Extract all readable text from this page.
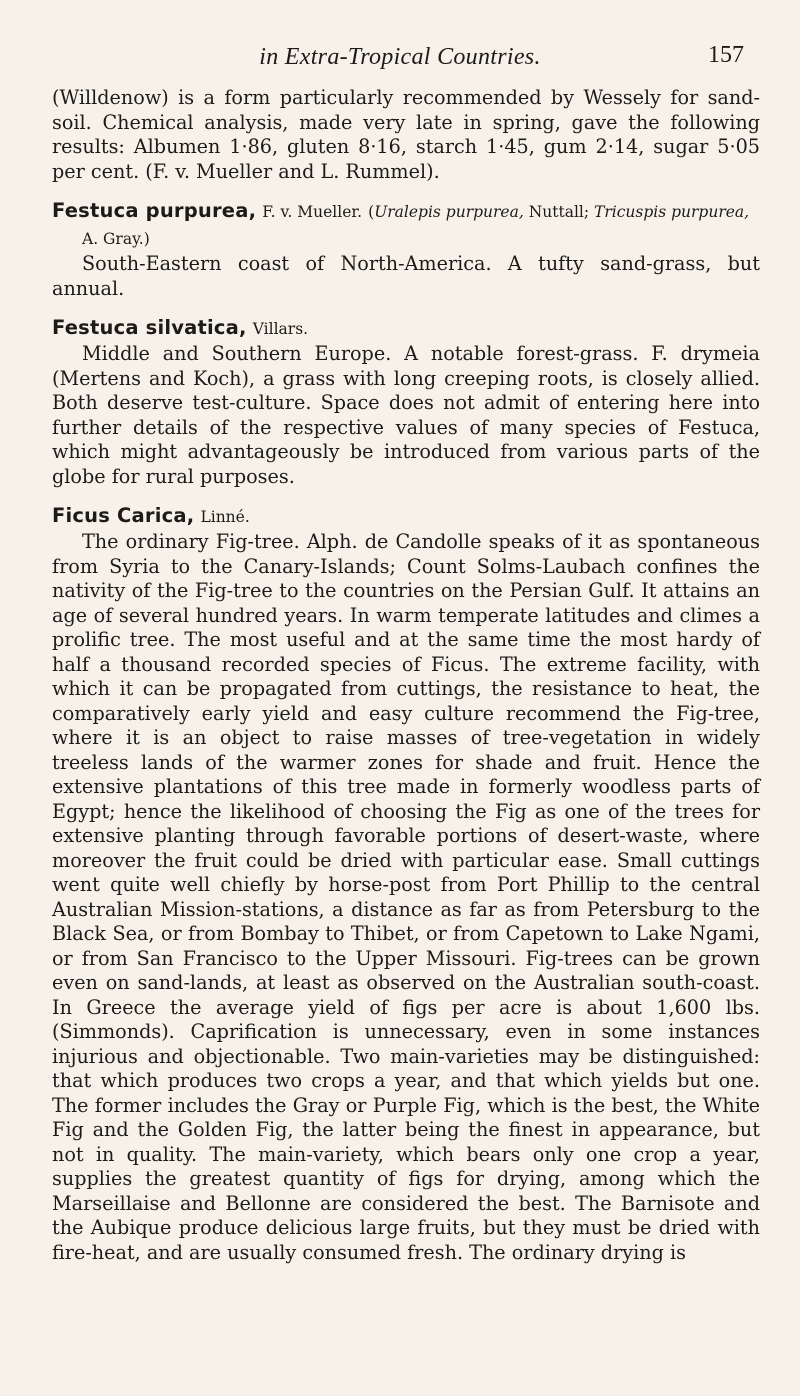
in Extra-Tropical Countries.	157

(Willdenow) is a form particularly recommended by Wessely for sand-soil. Chemical analysis, made very late in spring, gave the following results: Albumen 1·86, gluten 8·16, starch 1·45, gum 2·14, sugar 5·05 per cent. (F. v. Mueller and L. Rummel).

Festuca purpurea, F. v. Mueller. (Uralepis purpurea, Nuttall; Tricuspis purpurea, A. Gray.)

South-Eastern coast of North-America. A tufty sand-grass, but annual.

Festuca silvatica, Villars.

Middle and Southern Europe. A notable forest-grass. F. drymeia (Mertens and Koch), a grass with long creeping roots, is closely allied. Both deserve test-culture. Space does not admit of entering here into further details of the respective values of many species of Festuca, which might advantageously be introduced from various parts of the globe for rural purposes.

Ficus Carica, Linné.

The ordinary Fig-tree. Alph. de Candolle speaks of it as spontaneous from Syria to the Canary-Islands; Count Solms-Laubach confines the nativity of the Fig-tree to the countries on the Persian Gulf. It attains an age of several hundred years. In warm temperate latitudes and climes a prolific tree. The most useful and at the same time the most hardy of half a thousand recorded species of Ficus. The extreme facility, with which it can be propagated from cuttings, the resistance to heat, the comparatively early yield and easy culture recommend the Fig-tree, where it is an object to raise masses of tree-vegetation in widely treeless lands of the warmer zones for shade and fruit. Hence the extensive plantations of this tree made in formerly woodless parts of Egypt; hence the likelihood of choosing the Fig as one of the trees for extensive planting through favorable portions of desert-waste, where moreover the fruit could be dried with particular ease. Small cuttings went quite well chiefly by horse-post from Port Phillip to the central Australian Mission-stations, a distance as far as from Petersburg to the Black Sea, or from Bombay to Thibet, or from Capetown to Lake Ngami, or from San Francisco to the Upper Missouri. Fig-trees can be grown even on sand-lands, at least as observed on the Australian south-coast. In Greece the average yield of figs per acre is about 1,600 lbs. (Simmonds). Caprification is unnecessary, even in some instances injurious and objectionable. Two main-varieties may be distinguished: that which produces two crops a year, and that which yields but one. The former includes the Gray or Purple Fig, which is the best, the White Fig and the Golden Fig, the latter being the finest in appearance, but not in quality. The main-variety, which bears only one crop a year, supplies the greatest quantity of figs for drying, among which the Marseillaise and Bellonne are considered the best. The Barnisote and the Aubique produce delicious large fruits, but they must be dried with fire-heat, and are usually consumed fresh. The ordinary drying is
